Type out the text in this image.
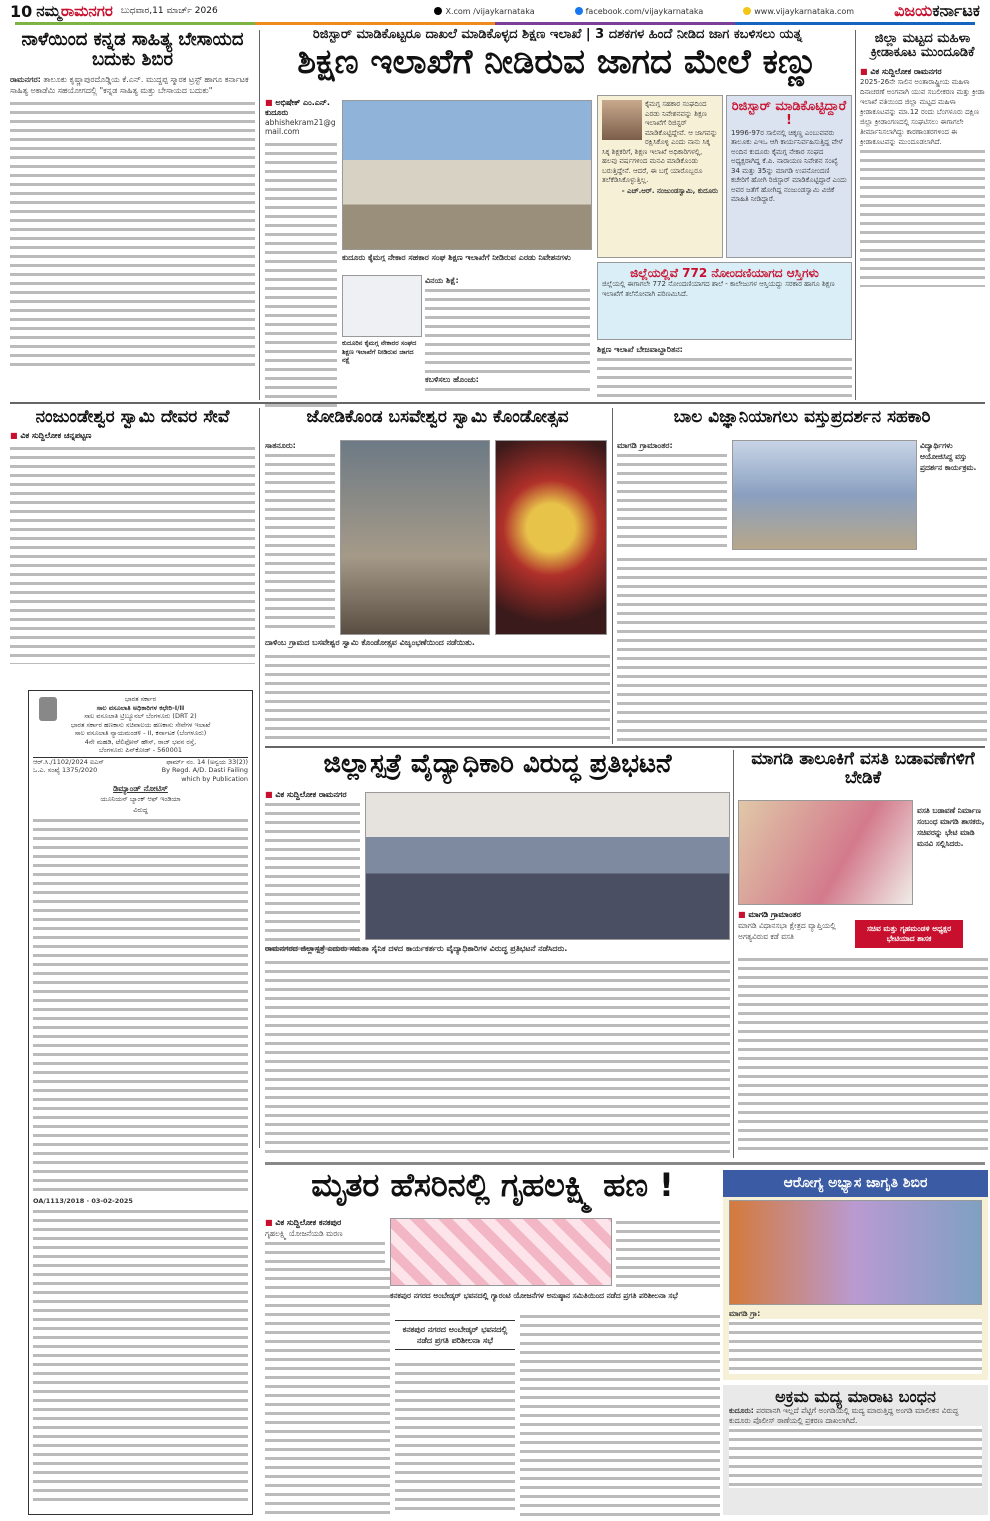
10 ನಮ್ಮರಾಮನಗರ ಬುಧವಾರ,11 ಮಾರ್ಚ್ 2026	X.com /vijaykarnataka	facebook.com/vijaykarnataka	www.vijaykarnataka.com	ವಿಜಯಕರ್ನಾಟಕ
ನಾಳೆಯಿಂದ ಕನ್ನಡ ಸಾಹಿತ್ಯ ಬೇಸಾಯದ ಬದುಕು ಶಿಬಿರ
ರಾಮನಗರ: ತಾಲೂಕು ಕೃಷ್ಣಾಪುರದೊಡ್ಡಿಯ ಕೆ.ಎನ್. ಮುದ್ದಪ್ಪ ಸ್ಮಾರಕ ಟ್ರಸ್ಟ್ ಹಾಗೂ ಕರ್ನಾಟಕ ಸಾಹಿತ್ಯ ಅಕಾಡೆಮಿ ಸಹಯೋಗದಲ್ಲಿ "ಕನ್ನಡ ಸಾಹಿತ್ಯ ಮತ್ತು ಬೇಸಾಯದ ಬದುಕು"
ರಿಜಿಸ್ಟಾರ್ ಮಾಡಿಕೊಟ್ಟರೂ ದಾಖಲೆ ಮಾಡಿಕೊಳ್ಳದ ಶಿಕ್ಷಣ ಇಲಾಖೆ | 3 ದಶಕಗಳ ಹಿಂದೆ ನೀಡಿದ ಜಾಗ ಕಬಳಿಸಲು ಯತ್ನ
ಶಿಕ್ಷಣ ಇಲಾಖೆಗೆ ನೀಡಿರುವ ಜಾಗದ ಮೇಲೆ ಕಣ್ಣು
■ ಅಭಿಷೇಕ್ ಎಂ.ಎನ್. ಕುದೂರು
abhishekram21@gmail.com
ಕುದೂರು ಕೈಮಗ್ಗ ನೇಕಾರ ಸಹಕಾರ ಸಂಘ ಶಿಕ್ಷಣ ಇಲಾಖೆಗೆ ನೀಡಿರುವ ಎರಡು ನಿವೇಶನಗಳು
ಕುದೂರಿನ ಕೈಮಗ್ಗ ನೇಕಾರರ ಸಂಘದ ಶಿಕ್ಷಣ ಇಲಾಖೆಗೆ ನೀಡಿರುವ ಜಾಗದ ನಕ್ಷೆ
ವಿನಯ ಶಿಕ್ಷೆ:
ಕಬಳಿಸಲು ಹೊಂಚು:
ಕೈಮಗ್ಗ ಸಹಕಾರ ಸಂಘದಿಂದ ಎರಡು ನಿವೇಶನವನ್ನು ಶಿಕ್ಷಣ ಇಲಾಖೆಗೆ ರಿಜಿಸ್ಟರ್ ಮಾಡಿಕೊಟ್ಟಿದ್ದೇವೆ. ಆ ಜಾಗವನ್ನು ರಕ್ಷಿಸಿಕೊಳ್ಳಿ ಎಂದು ನಾನು ಸಿಕ್ಕ ಸಿಕ್ಕ ಶಿಕ್ಷಕರಿಗೆ, ಶಿಕ್ಷಣ ಇಲಾಖೆ ಅಧಿಕಾರಿಗಳಲ್ಲಿ, ಹಲವು ವರ್ಷಗಳಿಂದ ಮನವಿ ಮಾಡಿಕೊಂಡು ಬರುತ್ತಿದ್ದೇನೆ. ಆದರೆ, ಈ ಬಗ್ಗೆ ಯಾರೊಬ್ಬರೂ ತಲೆಕೆಡಿಸಿಕೊಳ್ಳುತ್ತಿಲ್ಲ.
- ಎಚ್.ಆರ್. ನಂಜುಂಡಸ್ವಾಮಿ, ಕುದೂರು
ರಿಜಿಸ್ಟಾರ್ ಮಾಡಿಕೊಟ್ಟಿದ್ದಾರೆ !
1996-97ರ ಸಾಲಿನಲ್ಲಿ ಚಿಕ್ಕಣ್ಣ ಎಂಬುವವರು ತಾಲೂಕು ಎಇಒ ಆಗಿ ಕಾರ್ಯನಿರ್ವಹಿಸುತ್ತಿದ್ದ ವೇಳೆ ಅಂದಿನ ಕುದೂರು ಕೈಮಗ್ಗ ನೇಕಾರ ಸಂಘದ ಅಧ್ಯಕ್ಷರಾಗಿದ್ದ ಕೆ.ಪಿ. ನಾರಾಯಣ ನಿವೇಶನ ಸಂಖ್ಯೆ 34 ಮತ್ತು 35ನ್ನು ಮಾಗಡಿ ಉಪನೋಂದಣಿ ಕಚೇರಿಗೆ ಹೋಗಿ ರಿಜಿಸ್ಟಾರ್ ಮಾಡಿಕೊಟ್ಟಿದ್ದಾರೆ ಎಂದು ಅವರ ಜತೆಗೆ ಹೋಗಿದ್ದ ನಂಜುಂಡಸ್ವಾಮಿ ವಿಜಿಕೆ ಮಾಹಿತಿ ನೀಡಿದ್ದಾರೆ.
ಜಿಲ್ಲೆಯಲ್ಲಿವೆ 772 ನೋಂದಣಿಯಾಗದ ಆಸ್ತಿಗಳು
ಜಿಲ್ಲೆಯಲ್ಲಿ ಈಗಾಗಲೇ 772 ನೋಂದಣಿಯಾಗದ ಶಾಲೆ - ಕಾಲೇಜುಗಳ ಆಸ್ತಿಯದ್ದು ಸರಕಾರ ಹಾಗೂ ಶಿಕ್ಷಣ ಇಲಾಖೆಗೆ ತಲೆನೋವಾಗಿ ಪರಿಣಮಿಸಿದೆ.
ಶಿಕ್ಷಣ ಇಲಾಖೆ ಬೇಜವಾಬ್ದಾರಿತನ:
ಜಿಲ್ಲಾ ಮಟ್ಟದ ಮಹಿಳಾ ಕ್ರೀಡಾಕೂಟ ಮುಂದೂಡಿಕೆ
■ ವಿಕ ಸುದ್ದಿಲೋಕ ರಾಮನಗರ
2025-26ನೇ ಸಾಲಿನ ಅಂತಾರಾಷ್ಟ್ರೀಯ ಮಹಿಳಾ ದಿನಾಚರಣೆ ಅಂಗವಾಗಿ ಯುವ ಸಬಲೀಕರಣ ಮತ್ತು ಕ್ರೀಡಾ ಇಲಾಖೆ ವತಿಯಿಂದ ಜಿಲ್ಲಾ ಮಟ್ಟದ ಮಹಿಳಾ ಕ್ರೀಡಾಕೂಟವನ್ನು ಮಾ.12 ರಂದು ಬೆಂಗಳೂರು ದಕ್ಷಿಣ ಜಿಲ್ಲಾ ಕ್ರೀಡಾಂಗಣದಲ್ಲಿ ಸಂಘಟಿಸಲು ಈಗಾಗಲೇ ತೀರ್ಮಾನಿಸಲಾಗಿದ್ದು ಕಾರಣಾಂತರಗಳಿಂದ ಈ ಕ್ರೀಡಾಕೂಟವನ್ನು ಮುಂದೂಡಲಾಗಿದೆ.
ನಂಜುಂಡೇಶ್ವರ ಸ್ವಾಮಿ ದೇವರ ಸೇವೆ
■ ವಿಕ ಸುದ್ದಿಲೋಕ ಚನ್ನಪಟ್ಟಣ
ಜೋಡಿಕೊಂಡ ಬಸವೇಶ್ವರ ಸ್ವಾಮಿ ಕೊಂಡೋತ್ಸವ
ಸಾತನೂರು:
ದಾಳಿಂಬ ಗ್ರಾಮದ ಬಸವೇಶ್ವರ ಸ್ವಾಮಿ ಕೊಂಡೋತ್ಸವ ವಿಜೃಂಭಣೆಯಿಂದ ನಡೆಯಿತು.
ಬಾಲ ವಿಜ್ಞಾನಿಯಾಗಲು ವಸ್ತುಪ್ರದರ್ಶನ ಸಹಕಾರಿ
ಮಾಗಡಿ ಗ್ರಾಮಾಂತರ:	ವಿದ್ಯಾರ್ಥಿಗಳು ಆಯೋಜಿಸಿದ್ದ ವಸ್ತು ಪ್ರದರ್ಶನ ಕಾರ್ಯಕ್ರಮ.
ಭಾರತ ಸರ್ಕಾರ
ಸಾಲ ವಸೂಲಾತಿ ಅಧಿಕಾರಿಗಳ ಕಛೇರಿ-I/II
ಸಾಲ ವಸೂಲಾತಿ ಟ್ರಿಬ್ಯೂನಲ್ ಬೆಂಗಳೂರು (DRT 2)
ಭಾರತ ಸರ್ಕಾರ ಹಣಕಾಸು ಸಚಿವಾಲಯ ಹಣಕಾಸು ಸೇವೆಗಳ ಇಲಾಖೆ
ಸಾಲ ವಸೂಲಾತಿ ನ್ಯಾಯಮಂಡಳಿ - II, ಕರ್ನಾಟಕ (ಬೆಂಗಳೂರು)
4ನೇ ಮಹಡಿ, ಟೆಲಿಫೋನ್ ಹೌಸ್, ರಾಜ್ ಭವನ ರಸ್ತೆ,
ಬೆಂಗಳೂರು ಪಿನ್‌ಕೋಡ್ - 560001
ಆರ್.ಸಿ./1102/2024 ಐಎಸ್
ಒ.ಎ. ಸಂಖ್ಯೆ 1375/2020
ಫಾರ್ಮ್ ನಂ. 14 (ಅನ್ವಯ 33(2))
By Regd. A/D. Dasti Failing which by Publication
ಡಿಮ್ಯಾಂಡ್ ನೋಟಿಸ್
ಯೂನಿಯನ್ ಬ್ಯಾಂಕ್ ಆಫ್ ಇಂಡಿಯಾ
ವಿರುದ್ಧ
OA/1113/2018 · 03-02-2025
ಜಿಲ್ಲಾಸ್ಪತ್ರೆ ವೈದ್ಯಾಧಿಕಾರಿ ವಿರುದ್ಧ ಪ್ರತಿಭಟನೆ
■ ವಿಕ ಸುದ್ದಿಲೋಕ ರಾಮನಗರ
ರಾಮನಗರದ ಜಿಲ್ಲಾಸ್ಪತ್ರೆ ಎದುರು ಸಮತಾ ಸೈನಿಕ ದಳದ ಕಾರ್ಯಕರ್ತರು ವೈದ್ಯಾಧಿಕಾರಿಗಳ ವಿರುದ್ಧ ಪ್ರತಿಭಟನೆ ನಡೆಸಿದರು.
ಮಾಗಡಿ ತಾಲೂಕಿಗೆ ವಸತಿ ಬಡಾವಣೆಗಳಿಗೆ ಬೇಡಿಕೆ
ವಸತಿ ಬಡಾವಣೆ ನಿರ್ಮಾಣ ಸಂಬಂಧ ಮಾಗಡಿ ಶಾಸಕರು, ಸಚಿವರನ್ನು ಭೇಟಿ ಮಾಡಿ ಮನವಿ ಸಲ್ಲಿಸಿದರು.
■ ಮಾಗಡಿ ಗ್ರಾಮಾಂತರ
ಮಾಗಡಿ ವಿಧಾನಸಭಾ ಕ್ಷೇತ್ರದ ವ್ಯಾಪ್ತಿಯಲ್ಲಿ ಅಗತ್ಯವಿರುವ ಕಡೆ ವಸತಿ
ಸಚಿವ ಮತ್ತು ಗೃಹಮಂಡಳಿ ಅಧ್ಯಕ್ಷರ ಭೇಟಿಯಾದ ಶಾಸಕ
ಮೃತರ ಹೆಸರಿನಲ್ಲಿ ಗೃಹಲಕ್ಷ್ಮಿ ಹಣ !
■ ವಿಕ ಸುದ್ದಿಲೋಕ ಕನಕಪುರ
ಗೃಹಲಕ್ಷ್ಮಿ ಯೋಜನೆಯಡಿ ಮರಣ
ಕನಕಪುರ ನಗರದ ಅಂಬೇಡ್ಕರ್ ಭವನದಲ್ಲಿ ಗ್ಯಾರಂಟಿ ಯೋಜನೆಗಳ ಅನುಷ್ಠಾನ ಸಮಿತಿಯಿಂದ ನಡೆದ ಪ್ರಗತಿ ಪರಿಶೀಲನಾ ಸಭೆ
ಕನಕಪುರ ನಗರದ ಅಂಬೇಡ್ಕರ್ ಭವನದಲ್ಲಿ ನಡೆದ ಪ್ರಗತಿ ಪರಿಶೀಲನಾ ಸಭೆ
ಆರೋಗ್ಯ ಅಭ್ಯಾಸ ಜಾಗೃತಿ ಶಿಬಿರ
ಮಾಗಡಿ ಗ್ರಾ:
ಅಕ್ರಮ ಮದ್ಯ ಮಾರಾಟ ಬಂಧನ
ಕುದೂರು: ಪರವಾನಗಿ ಇಲ್ಲದೆ ಪೆಟ್ಟಿಗೆ ಅಂಗಡಿಯಲ್ಲಿ ಮದ್ಯ ಮಾರುತ್ತಿದ್ದ ಅಂಗಡಿ ಮಾಲೀಕನ ವಿರುದ್ಧ ಕುದೂರು ಪೊಲೀಸ್ ಠಾಣೆಯಲ್ಲಿ ಪ್ರಕರಣ ದಾಖಲಾಗಿದೆ.
